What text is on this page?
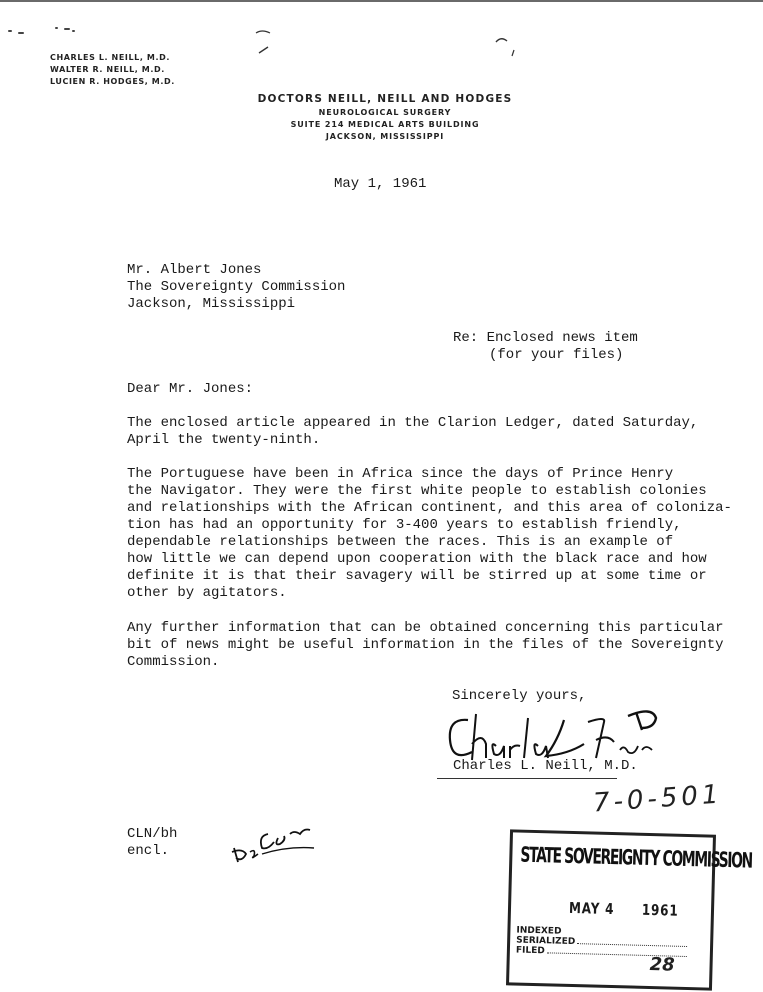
CHARLES L. NEILL, M.D.
WALTER R. NEILL, M.D.
LUCIEN R. HODGES, M.D.
DOCTORS NEILL, NEILL AND HODGES
NEUROLOGICAL SURGERY
SUITE 214 MEDICAL ARTS BUILDING
JACKSON, MISSISSIPPI
May 1, 1961
Mr. Albert Jones
The Sovereignty Commission
Jackson, Mississippi
Re: Enclosed news item
(for your files)
Dear Mr. Jones:
The enclosed article appeared in the Clarion Ledger, dated Saturday,
April the twenty-ninth.
The Portuguese have been in Africa since the days of Prince Henry
the Navigator. They were the first white people to establish colonies
and relationships with the African continent, and this area of coloniza-
tion has had an opportunity for 3-400 years to establish friendly,
dependable relationships between the races. This is an example of
how little we can depend upon cooperation with the black race and how
definite it is that their savagery will be stirred up at some time or
other by agitators.
Any further information that can be obtained concerning this particular
bit of news might be useful information in the files of the Sovereignty
Commission.
Sincerely yours,
Charles L. Neill, M.D.
7-0-501
CLN/bh
encl.	STATE SOVEREIGNTY COMMISSION
MAY 4 1961
INDEXED
SERIALIZED
FILED
28
